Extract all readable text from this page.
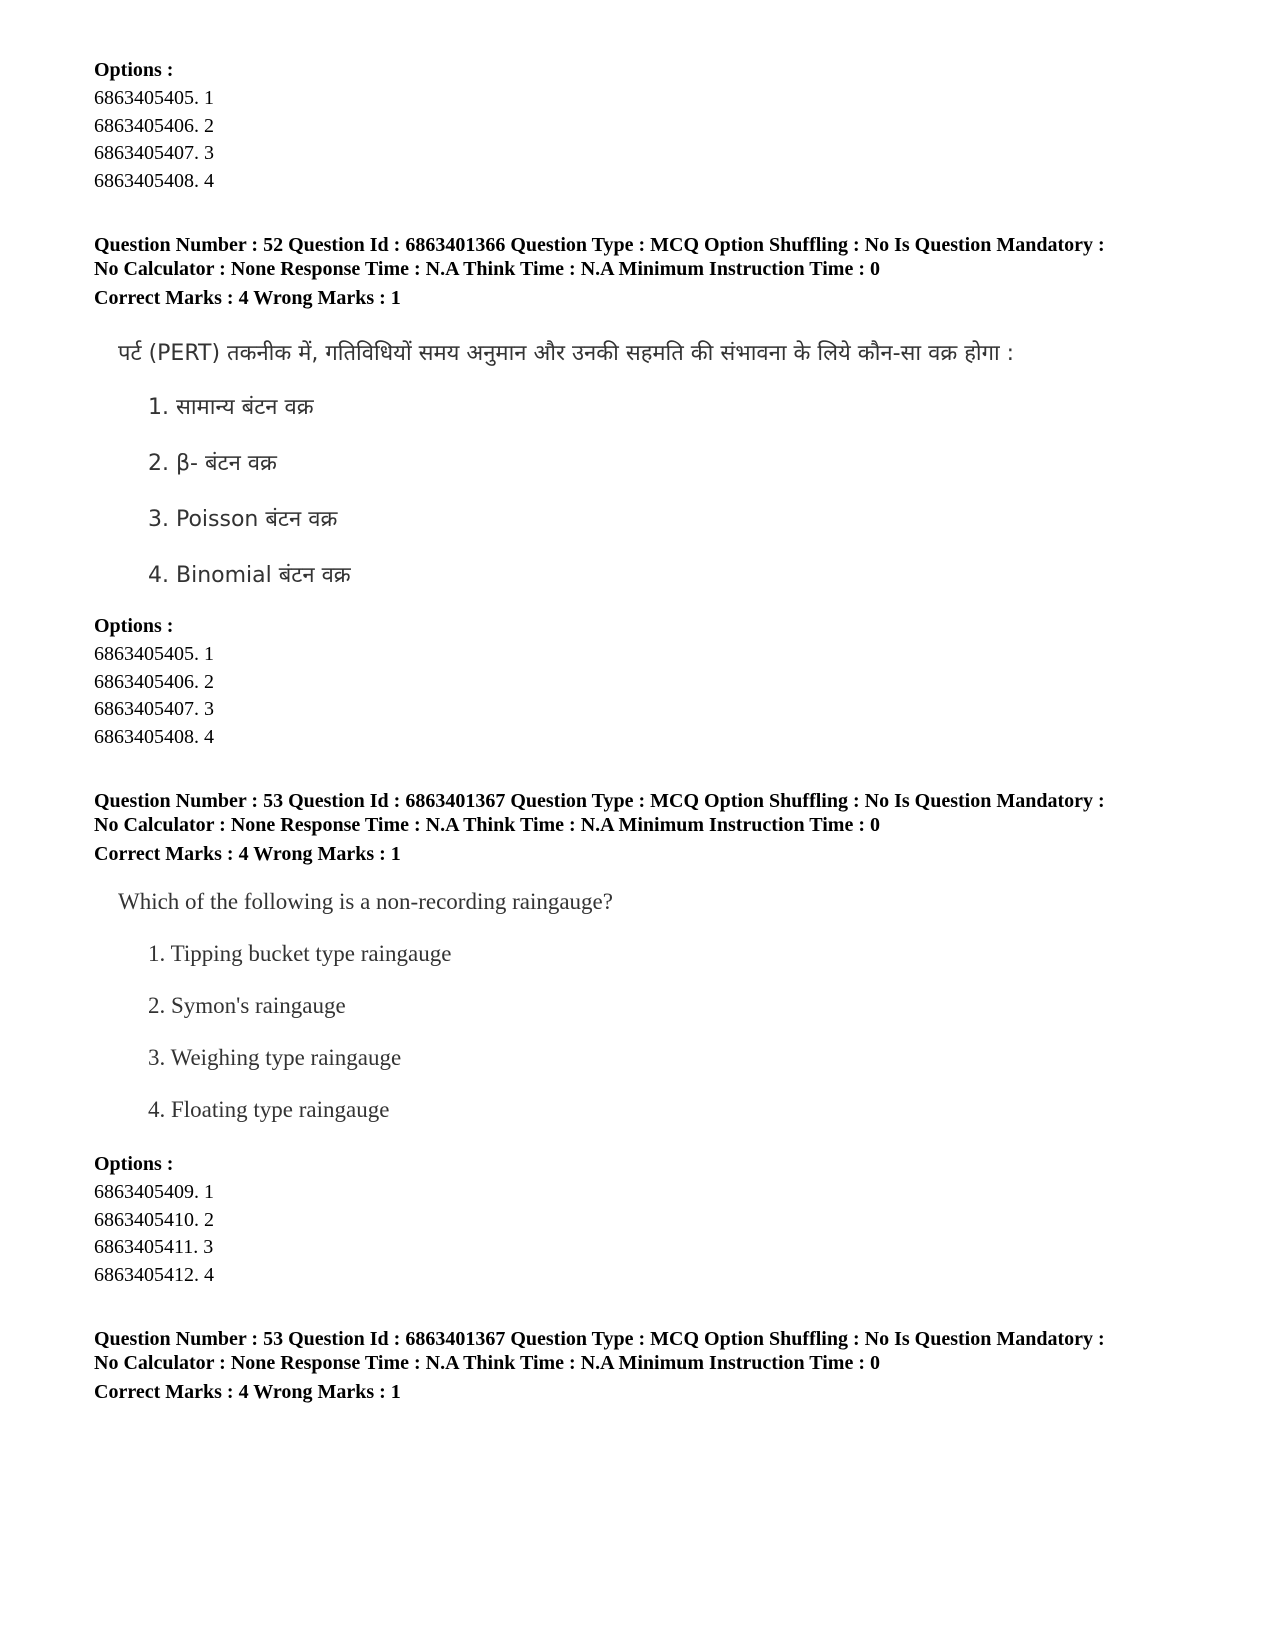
Options :
6863405405. 1
6863405406. 2
6863405407. 3
6863405408. 4
Question Number : 52 Question Id : 6863401366 Question Type : MCQ Option Shuffling : No Is Question Mandatory :
No Calculator : None Response Time : N.A Think Time : N.A Minimum Instruction Time : 0
Correct Marks : 4 Wrong Marks : 1
पर्ट (PERT) तकनीक में, गतिविधियों समय अनुमान और उनकी सहमति की संभावना के लिये कौन-सा वक्र होगा :
1. सामान्य बंटन वक्र
2. β- बंटन वक्र
3. Poisson बंटन वक्र
4. Binomial बंटन वक्र
Options :
6863405405. 1
6863405406. 2
6863405407. 3
6863405408. 4
Question Number : 53 Question Id : 6863401367 Question Type : MCQ Option Shuffling : No Is Question Mandatory :
No Calculator : None Response Time : N.A Think Time : N.A Minimum Instruction Time : 0
Correct Marks : 4 Wrong Marks : 1
Which of the following is a non-recording raingauge?
1. Tipping bucket type raingauge
2. Symon's raingauge
3. Weighing type raingauge
4. Floating type raingauge
Options :
6863405409. 1
6863405410. 2
6863405411. 3
6863405412. 4
Question Number : 53 Question Id : 6863401367 Question Type : MCQ Option Shuffling : No Is Question Mandatory :
No Calculator : None Response Time : N.A Think Time : N.A Minimum Instruction Time : 0
Correct Marks : 4 Wrong Marks : 1
